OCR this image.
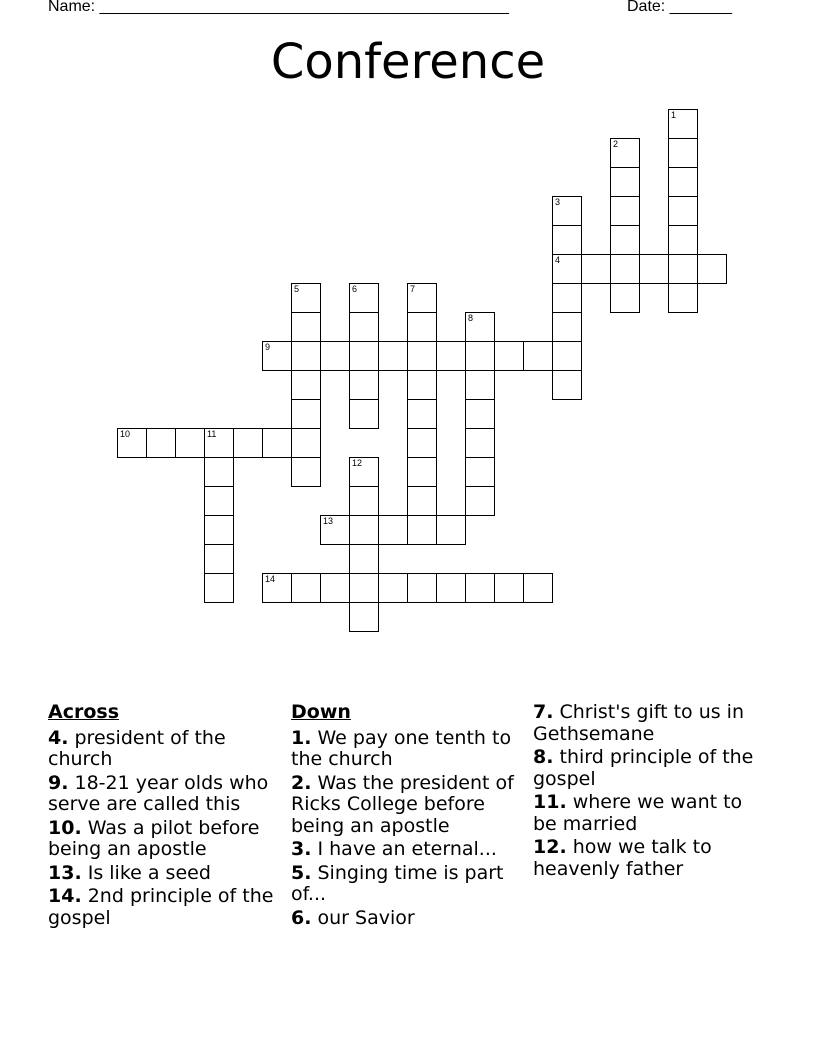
Name: ______________________________________________	Date: _______
Conference
1
2
3
4
5	6	7
8
9
10	11
12
13
14
Across
4. president of the church
9. 18-21 year olds who serve are called this
10. Was a pilot before being an apostle
13. Is like a seed
14. 2nd principle of the gospel
Down
1. We pay one tenth to the church
2. Was the president of Ricks College before being an apostle
3. I have an eternal...
5. Singing time is part of...
6. our Savior
7. Christ's gift to us in Gethsemane
8. third principle of the gospel
11. where we want to be married
12. how we talk to heavenly father
